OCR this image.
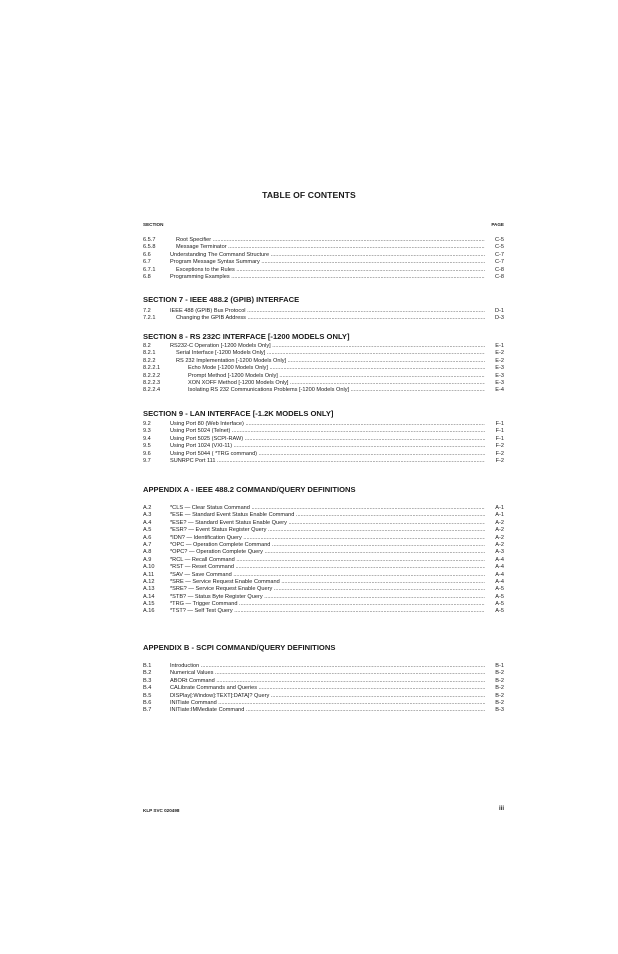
TABLE OF CONTENTS
SECTION	PAGE
6.5.7	Root Specifier .....	C-5
6.5.8	Message Terminator .....	C-5
6.6	Understanding The Command Structure .....	C-7
6.7	Program Message Syntax Summary .....	C-7
6.7.1	Exceptions to the Rules .....	C-8
6.8	Programming Examples .....	C-8
SECTION 7 - IEEE 488.2 (GPIB) INTERFACE
7.2	IEEE 488 (GPIB) Bus Protocol .....	D-1
7.2.1	Changing the GPIB Address .....	D-3
SECTION 8 - RS 232C INTERFACE [-1200 MODELS ONLY]
8.2	RS232-C Operation [-1200 Models Only] .....	E-1
8.2.1	Serial Interface [-1200 Models Only] .....	E-2
8.2.2	RS 232 Implementation [-1200 Models Only] .....	E-2
8.2.2.1	Echo Mode [-1200 Models Only] .....	E-3
8.2.2.2	Prompt Method [-1200 Models Only] .....	E-3
8.2.2.3	XON XOFF Method [-1200 Models Only] .....	E-3
8.2.2.4	Isolating RS 232 Communications Problems [-1200 Models Only] .....	E-4
SECTION 9 - LAN INTERFACE [-1.2K MODELS ONLY]
9.2	Using Port 80 (Web Interface) .....	F-1
9.3	Using Port 5024 (Telnet) .....	F-1
9.4	Using Port 5025 (SCPI-RAW) .....	F-1
9.5	Using Port 1024 (VXI-11) .....	F-2
9.6	Using Port 5044 ( *TRG command) .....	F-2
9.7	SUNRPC Port 111 .....	F-2
APPENDIX A - IEEE 488.2 COMMAND/QUERY DEFINITIONS
A.2	*CLS — Clear Status Command .....	A-1
A.3	*ESE — Standard Event Status Enable Command .....	A-1
A.4	*ESE? — Standard Event Status Enable Query .....	A-2
A.5	*ESR? — Event Status Register Query .....	A-2
A.6	*IDN? — Identification Query .....	A-2
A.7	*OPC — Operation Complete Command .....	A-2
A.8	*OPC? — Operation Complete Query .....	A-3
A.9	*RCL — Recall Command .....	A-4
A.10	*RST — Reset Command .....	A-4
A.11	*SAV — Save Command .....	A-4
A.12	*SRE — Service Request Enable Command .....	A-4
A.13	*SRE? — Service Request Enable Query .....	A-5
A.14	*STB? — Status Byte Register Query .....	A-5
A.15	*TRG — Trigger Command .....	A-5
A.16	*TST? — Self Test Query .....	A-5
APPENDIX B - SCPI COMMAND/QUERY DEFINITIONS
B.1	Introduction .....	B-1
B.2	Numerical Values .....	B-2
B.3	ABORt Command .....	B-2
B.4	CALibrate Commands and Queries .....	B-2
B.5	DISPlay[:Window]:TEXT[:DATA]? Query .....	B-2
B.6	INITiate Command .....	B-2
B.7	INITiate:IMMediate Command .....	B-3
KLP SVC 020498	iii
